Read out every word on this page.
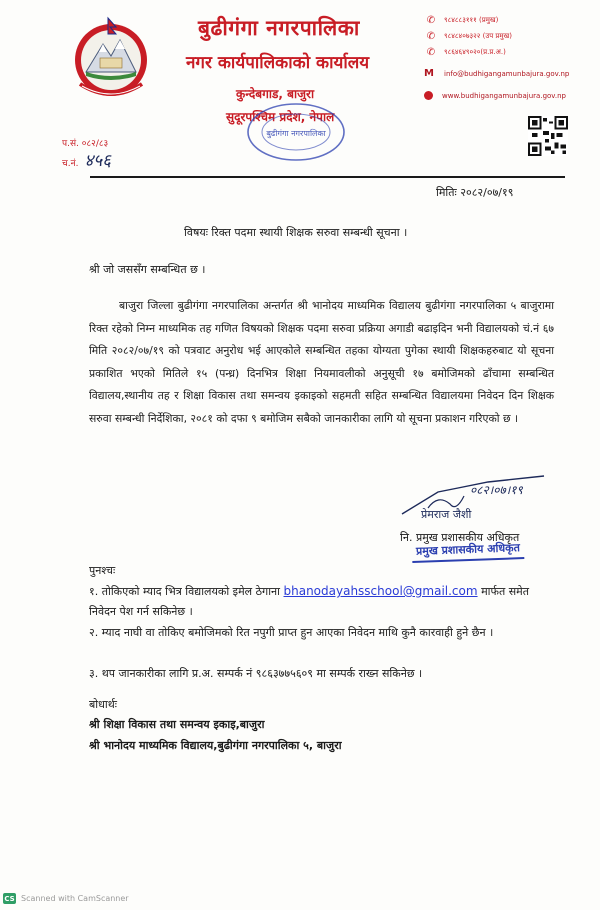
बुढीगंगा नगरपालिका
नगर कार्यपालिकाको कार्यालय
कुन्देबगाड, बाजुरा
सुदूरपश्चिम प्रदेश, नेपाल
बुढीगंगा नगरपालिका
✆	९८४८८३१११ (प्रमुख)
✆	९८४८४०७३२२ (उप प्रमुख)
✆	९८६४६४९०२०(प्र.प्र.अ.)
M	info@budhigangamunbajura.gov.np
www.budhigangamunbajura.gov.np
प.सं. ०८२/८३
च.नं. ४५६
मितिः २०८२/०७/१९
विषयः रिक्त पदमा स्थायी शिक्षक सरुवा सम्बन्धी सूचना ।
श्री जो जससँग सम्बन्धित छ ।
बाजुरा जिल्ला बुढीगंगा नगरपालिका अन्तर्गत श्री भानोदय माध्यमिक विद्यालय बुढीगंगा नगरपालिका ५ बाजुरामा रिक्त रहेको निम्न माध्यमिक तह गणित विषयको शिक्षक पदमा सरुवा प्रक्रिया अगाडी बढाइदिन भनी विद्यालयको चं.नं ६७ मिति २०८२/०७/१९ को पत्रवाट अनुरोध भई आएकोले सम्बन्धित तहका योग्यता पुगेका स्थायी शिक्षकहरुबाट यो सूचना प्रकाशित भएको मितिले १५ (पन्ध्र) दिनभित्र शिक्षा नियमावलीको अनुसूची १७ बमोजिमको ढाँचामा सम्बन्धित विद्यालय,स्थानीय तह र शिक्षा विकास तथा समन्वय इकाइको सहमती सहित सम्बन्धित विद्यालयमा निवेदन दिन शिक्षक सरुवा सम्बन्धी निर्देशिका, २०८१ को दफा ९ बमोजिम सबैको जानकारीका लागि यो सूचना प्रकाशन गरिएको छ ।
०८२।०७।१९
प्रेमराज जैशी
नि. प्रमुख प्रशासकीय अधिकृत
प्रमुख प्रशासकीय अधिकृत
पुनश्चः
१. तोकिएको म्याद भित्र विद्यालयको इमेल ठेगाना bhanodayahsschool@gmail.com मार्फत समेत निवेदन पेश गर्न सकिनेछ ।
२. म्याद नाघी वा तोकिए बमोजिमको रित नपुगी प्राप्त हुन आएका निवेदन माथि कुनै कारवाही हुने छैन ।
३. थप जानकारीका लागि प्र.अ. सम्पर्क नं ९८६३७७५६०९ मा सम्पर्क राख्न सकिनेछ ।
बोधार्थः
श्री शिक्षा विकास तथा समन्वय इकाइ,बाजुरा
श्री भानोदय माध्यमिक विद्यालय,बुढीगंगा नगरपालिका ५, बाजुरा
CS Scanned with CamScanner
